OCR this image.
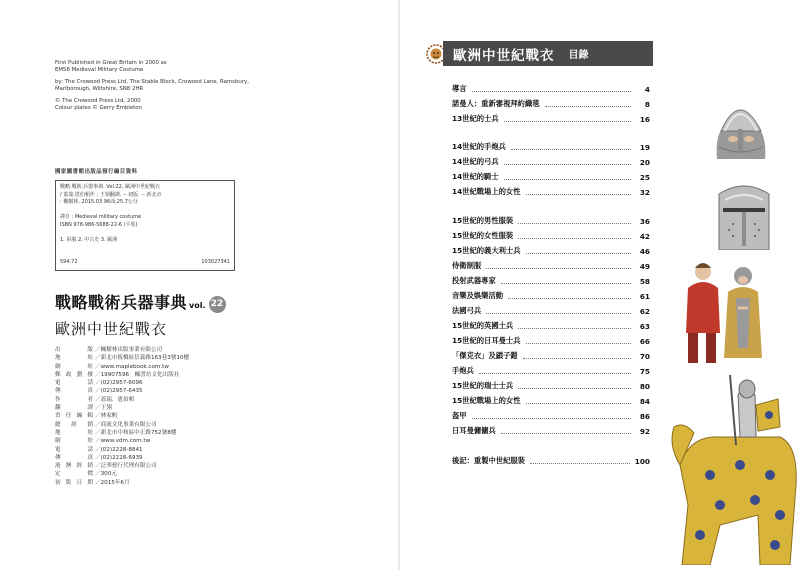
First Published in Great Britain in 2000 as
EMS8 Medieval Military Costume

by: The Crowood Press Ltd, The Stable Block, Crowood Lane, Ramsbury,
Marlborough, Wiltshire, SN8 2HR

© The Crowood Press Ltd, 2000
Colour plates © Gerry Embleton

國家圖書館出版品預行編目資料
戰略.戰術.兵器事典. Vol.22, 歐洲中世紀戰衣
/ 蓋瑞.恩伯頓作 ; 王翎翻譯. -- 初版. -- 新北市
: 楓樹林, 2015.03 96面;25.7公分

譯自 : Medieval military costume
ISBN 978-986-5688-22-6 (平裝)

1. 軍服 2. 中古史 3. 歐洲
594.72	103027341
戰略戰術兵器事典 vol. 22
歐洲中世紀戰衣
出	版 ／楓樹林出版事業有限公司
地	址 ／新北市板橋區信義路163巷3號10樓
網	址 ／www.maplebook.com.tw
郵 政 劃 撥 ／19907596　楓書坊文化出版社
電	話 ／(02)2957-6096
傳	真 ／(02)2957-6435
作	者 ／蓋瑞．恩伯頓
翻	譯 ／王翎
責 任 編 輯 ／林家帆
總 經 銷 ／商流文化事業有限公司
地	址 ／新北市中和區中正路752號8樓
網	址 ／www.vdm.com.tw
電	話 ／(02)2228-8841
傳	真 ／(02)2228-6939
港 澳 經 銷 ／泛華發行代理有限公司
定	價 ／300元
初 版 日 期 ／2015年6月
歐洲中世紀戰衣 目錄
導言	4
諾曼人：重新審視拜約織毯	8
13世紀的士兵	16
14世紀的手炮兵	19
14世紀的弓兵	20
14世紀的騎士	25
14世紀戰場上的女性	32
15世紀的男性服裝	36
15世紀的女性服裝	42
15世紀的義大利士兵	46
侍衛制服	49
投射武器專家	58
音樂及娛樂活動	61
法國弓兵	62
15世紀的英國士兵	63
15世紀的日耳曼士兵	66
「傑克衣」及鎖子鎧	70
手炮兵	75
15世紀的瑞士士兵	80
15世紀戰場上的女性	84
盔甲	86
日耳曼傭傭兵	92
後記：重製中世紀服裝	100
